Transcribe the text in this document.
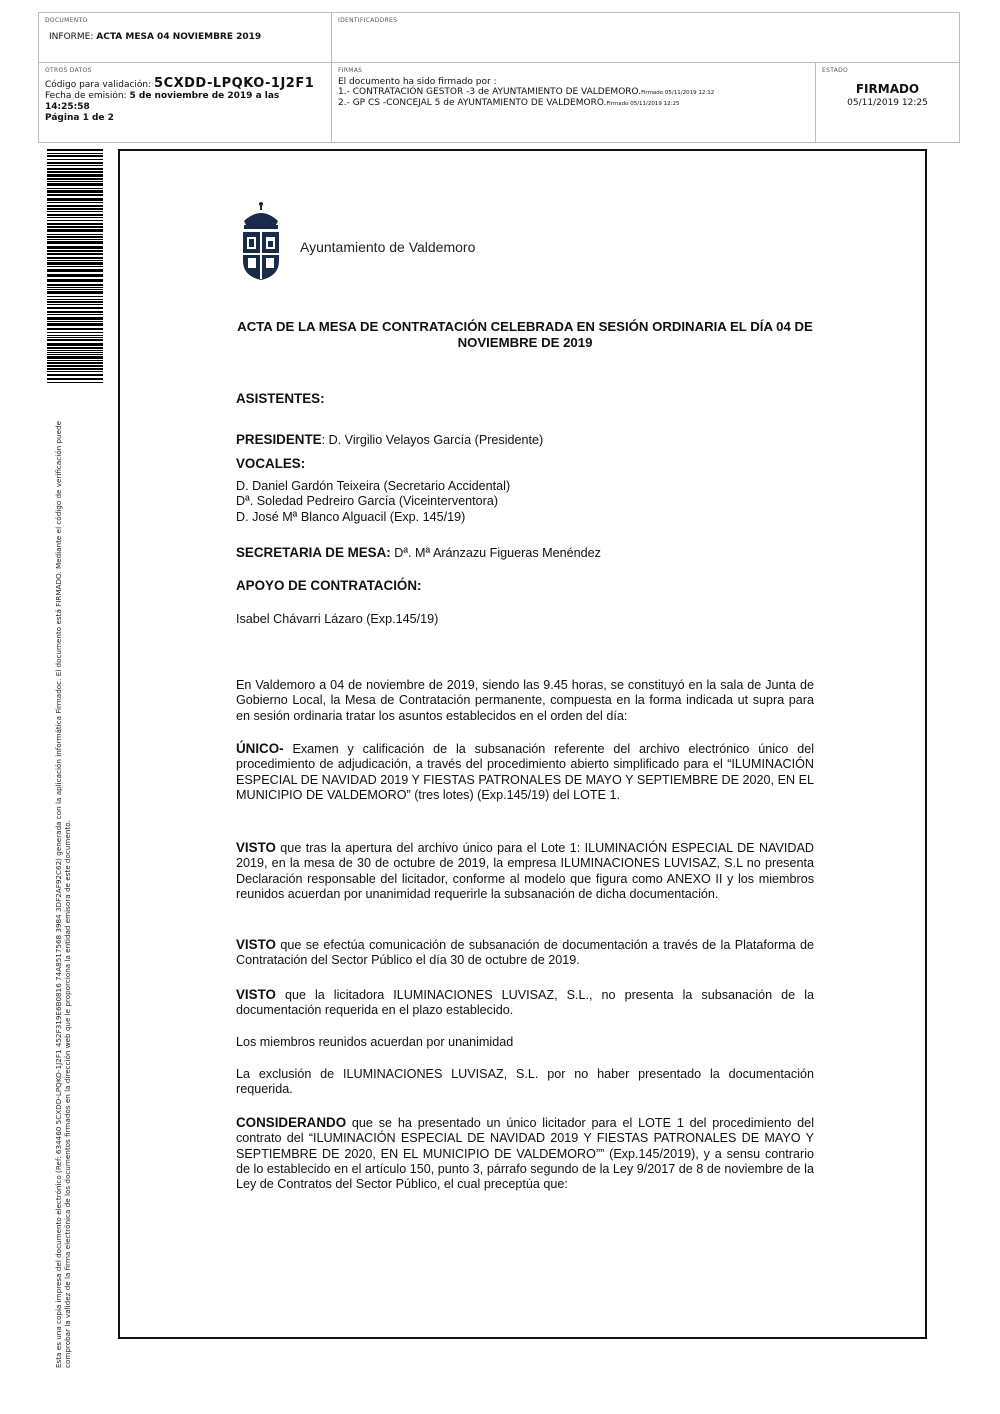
DOCUMENTO
INFORME: ACTA MESA 04 NOVIEMBRE 2019
IDENTIFICADORES
OTROS DATOS
Código para validación: 5CXDD-LPQKO-1J2F1
Fecha de emisión: 5 de noviembre de 2019 a las 14:25:58
Página 1 de 2
FIRMAS
El documento ha sido firmado por :
1.- CONTRATACIÓN GESTOR -3 de AYUNTAMIENTO DE VALDEMORO.Firmado 05/11/2019 12:12
2.- GP CS -CONCEJAL 5 de AYUNTAMIENTO DE VALDEMORO.Firmado 05/11/2019 12:25
ESTADO
FIRMADO
05/11/2019 12:25
Esta es una copia impresa del documento electrónico (Ref: 634460 5CXDD-LPQKO-1J2F1 452F319E6B0816 74A8517568 3984 3DF2AF92C62) generada con la aplicación informática Firmadoc. El documento está FIRMADO. Mediante el código de verificación puede comprobar la validez de la firma electrónica de los documentos firmados en la dirección web que le proporciona la entidad emisora de este documento.
Ayuntamiento de Valdemoro
ACTA DE LA MESA DE CONTRATACIÓN CELEBRADA EN SESIÓN ORDINARIA EL DÍA 04 DE NOVIEMBRE DE 2019
ASISTENTES:
PRESIDENTE: D. Virgilio Velayos García (Presidente)
VOCALES:
D. Daniel Gardón Teixeira (Secretario Accidental)
Dª. Soledad Pedreiro García (Viceinterventora)
D. José Mª Blanco Alguacil (Exp. 145/19)
SECRETARIA DE MESA: Dª. Mª Aránzazu Figueras Menéndez
APOYO DE CONTRATACIÓN:
Isabel Chávarri Lázaro (Exp.145/19)
En Valdemoro a 04 de noviembre de 2019, siendo las 9.45 horas, se constituyó en la sala de Junta de Gobierno Local, la Mesa de Contratación permanente, compuesta en la forma indicada ut supra para en sesión ordinaria tratar los asuntos establecidos en el orden del día:
ÚNICO- Examen y calificación de la subsanación referente del archivo electrónico único del procedimiento de adjudicación, a través del procedimiento abierto simplificado para el “ILUMINACIÓN ESPECIAL DE NAVIDAD 2019 Y FIESTAS PATRONALES DE MAYO Y SEPTIEMBRE DE 2020, EN EL MUNICIPIO DE VALDEMORO” (tres lotes) (Exp.145/19) del LOTE 1.
VISTO que tras la apertura del archivo único para el Lote 1: ILUMINACIÓN ESPECIAL DE NAVIDAD 2019, en la mesa de 30 de octubre de 2019, la empresa ILUMINACIONES LUVISAZ, S.L no presenta Declaración responsable del licitador, conforme al modelo que figura como ANEXO II y los miembros reunidos acuerdan por unanimidad requerirle la subsanación de dicha documentación.
VISTO que se efectúa comunicación de subsanación de documentación a través de la Plataforma de Contratación del Sector Público el día 30 de octubre de 2019.
VISTO que la licitadora ILUMINACIONES LUVISAZ, S.L., no presenta la subsanación de la documentación requerida en el plazo establecido.
Los miembros reunidos acuerdan por unanimidad
La exclusión de ILUMINACIONES LUVISAZ, S.L. por no haber presentado la documentación requerida.
CONSIDERANDO que se ha presentado un único licitador para el LOTE 1 del procedimiento del contrato del “ILUMINACIÓN ESPECIAL DE NAVIDAD 2019 Y FIESTAS PATRONALES DE MAYO Y SEPTIEMBRE DE 2020, EN EL MUNICIPIO DE VALDEMORO”” (Exp.145/2019), y a sensu contrario de lo establecido en el artículo 150, punto 3, párrafo segundo de la Ley 9/2017 de 8 de noviembre de la Ley de Contratos del Sector Público, el cual preceptúa que:
